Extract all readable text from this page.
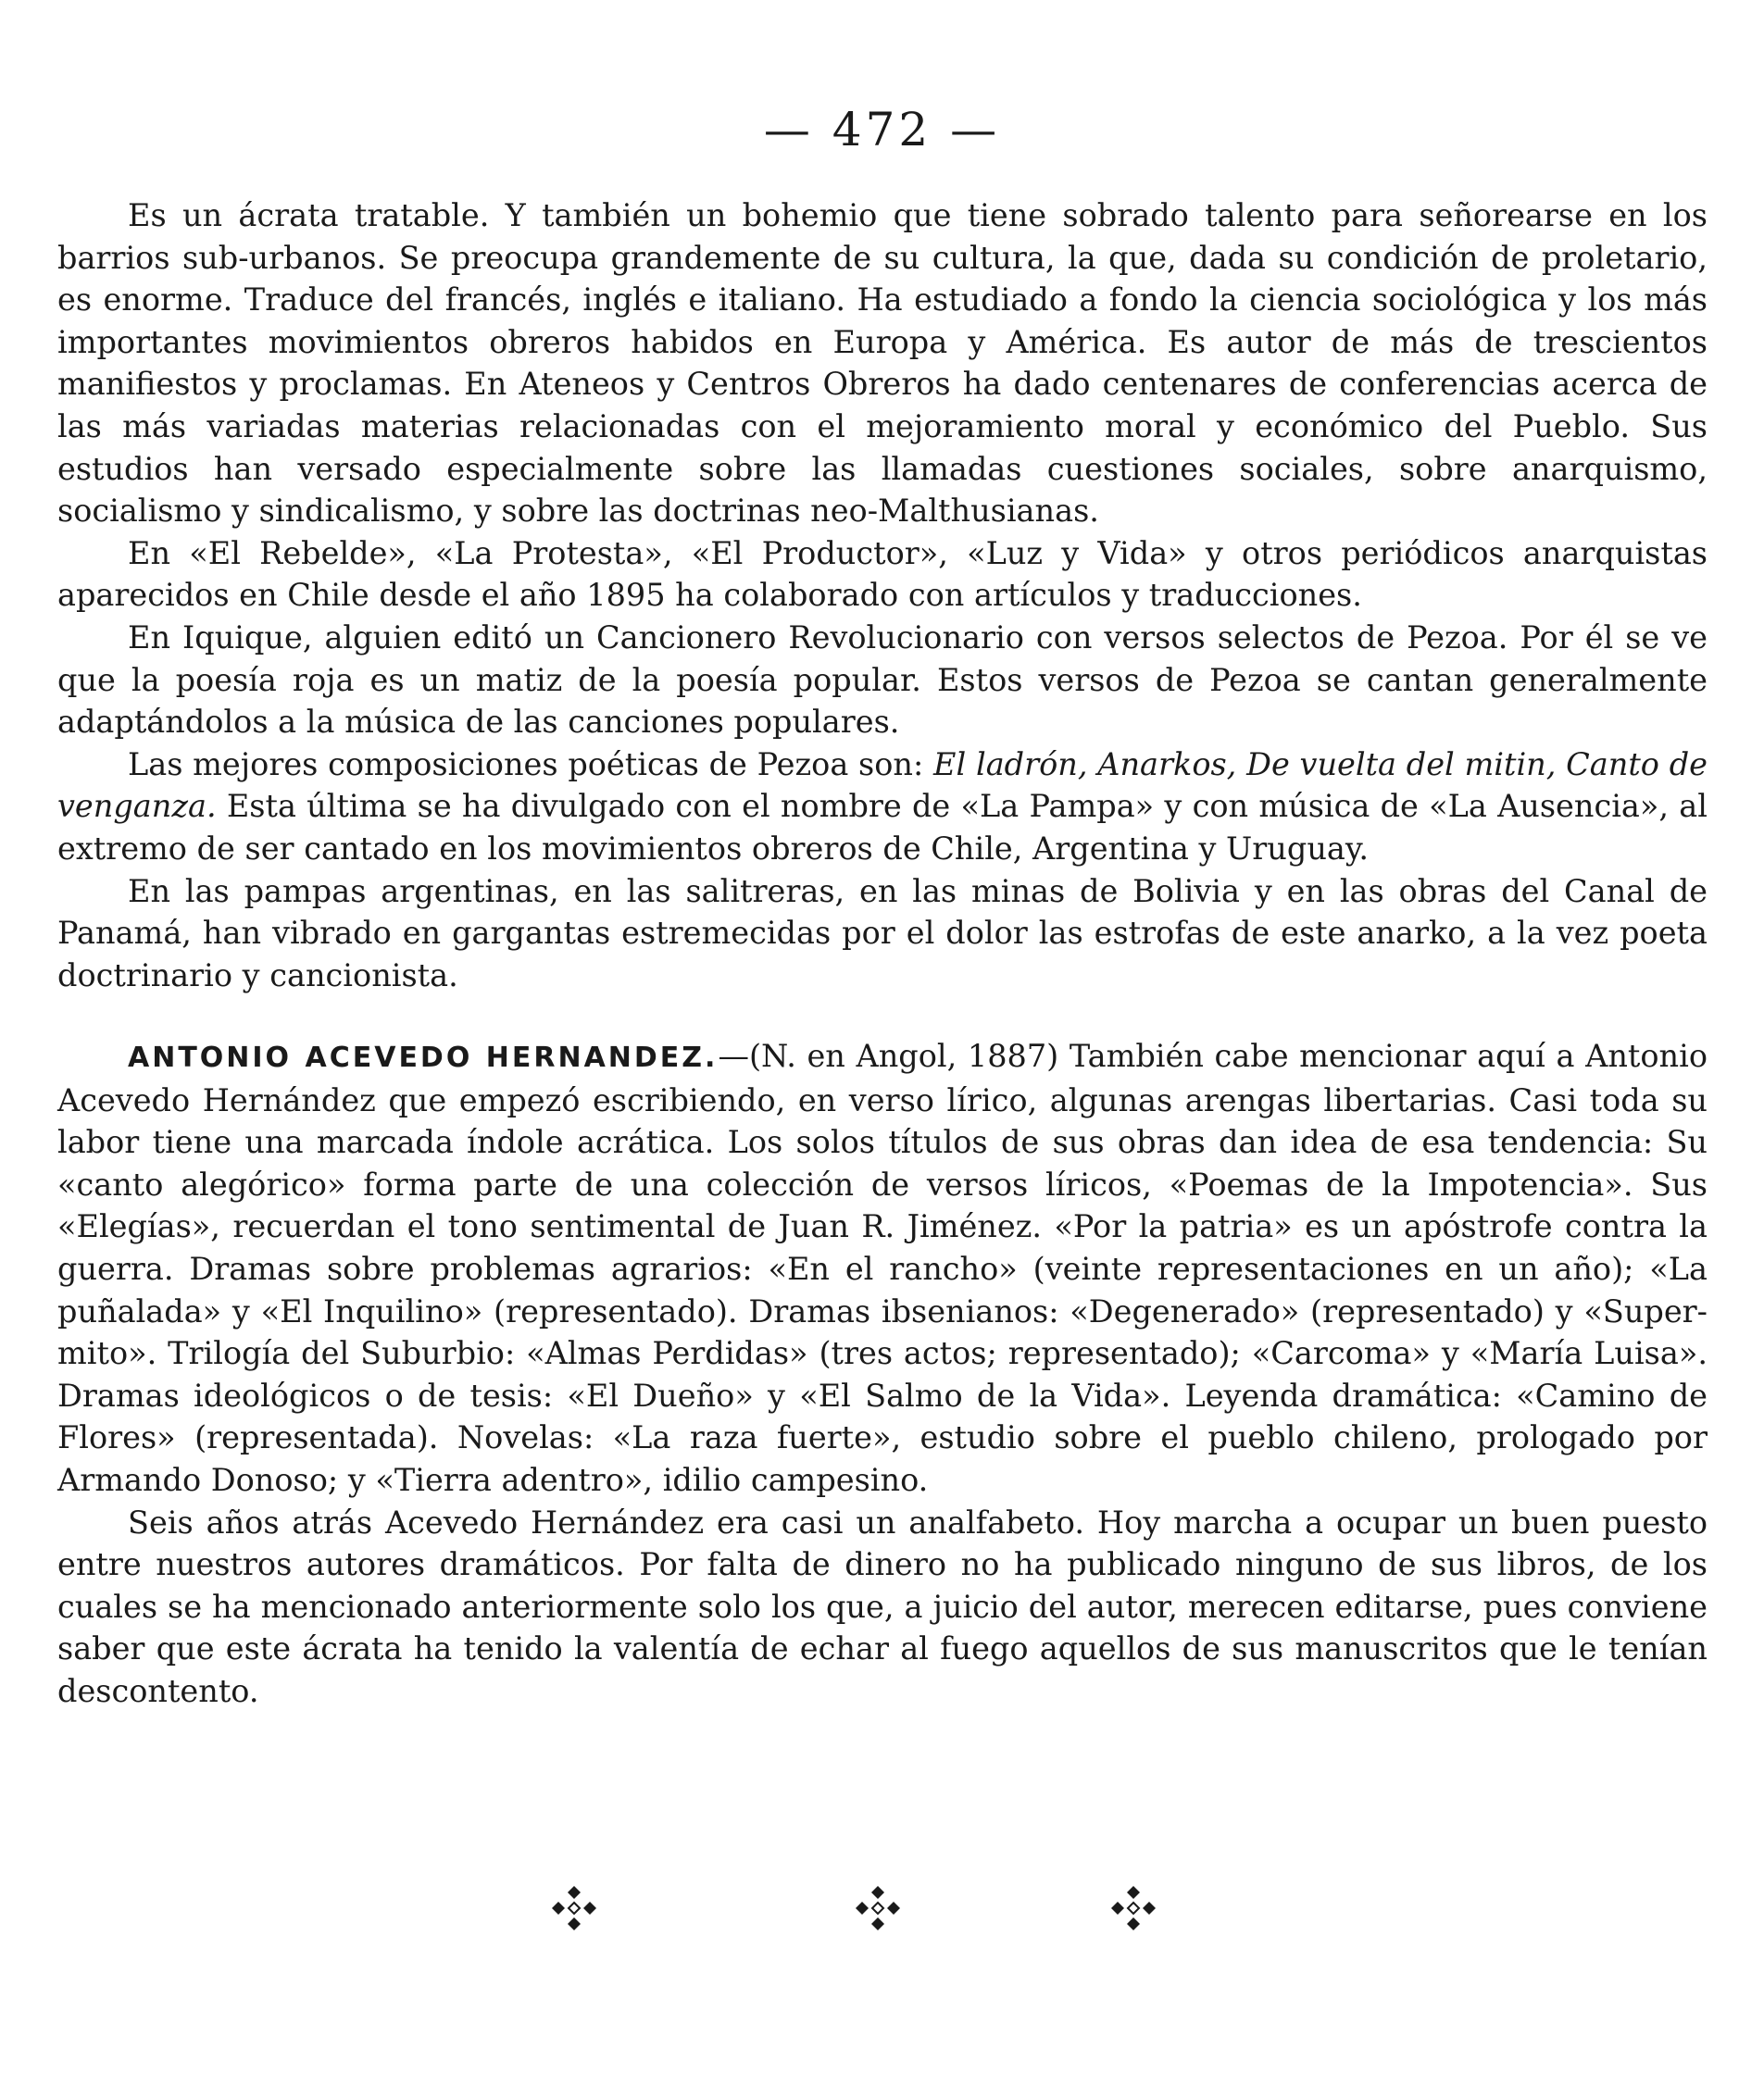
— 472 —

Es un ácrata tratable. Y también un bohemio que tiene sobrado talento para señorearse en los barrios sub-urbanos. Se preocupa grandemente de su cultura, la que, dada su condición de proletario, es enorme. Traduce del francés, inglés e italiano. Ha estudiado a fondo la ciencia sociológica y los más importantes movimientos obreros habidos en Europa y América. Es autor de más de trescientos manifiestos y proclamas. En Ateneos y Centros Obreros ha dado centenares de conferencias acerca de las más variadas materias relacionadas con el mejoramiento moral y económico del Pueblo. Sus estudios han versado especialmente sobre las llamadas cuestiones sociales, sobre anarquismo, socialismo y sindicalismo, y sobre las doctrinas neo-Malthusianas.

En «El Rebelde», «La Protesta», «El Productor», «Luz y Vida» y otros periódicos anarquistas aparecidos en Chile desde el año 1895 ha colaborado con artículos y traducciones.

En Iquique, alguien editó un Cancionero Revolucionario con versos selectos de Pezoa. Por él se ve que la poesía roja es un matiz de la poesía popular. Estos versos de Pezoa se cantan generalmente adaptándolos a la música de las canciones populares.

Las mejores composiciones poéticas de Pezoa son: El ladrón, Anarkos, De vuelta del mitin, Canto de venganza. Esta última se ha divulgado con el nombre de «La Pampa» y con música de «La Ausencia», al extremo de ser cantado en los movimientos obreros de Chile, Argentina y Uruguay.

En las pampas argentinas, en las salitreras, en las minas de Bolivia y en las obras del Canal de Panamá, han vibrado en gargantas estremecidas por el dolor las estrofas de este anarko, a la vez poeta doctrinario y cancionista.

ANTONIO ACEVEDO HERNANDEZ.—(N. en Angol, 1887) También cabe mencionar aquí a Antonio Acevedo Hernández que empezó escribiendo, en verso lírico, algunas arengas libertarias. Casi toda su labor tiene una marcada índole acrática. Los solos títulos de sus obras dan idea de esa tendencia: Su «canto alegórico» forma parte de una colección de versos líricos, «Poemas de la Impotencia». Sus «Elegías», recuerdan el tono sentimental de Juan R. Jiménez. «Por la patria» es un apóstrofe contra la guerra. Dramas sobre problemas agrarios: «En el rancho» (veinte representaciones en un año); «La puñalada» y «El Inquilino» (representado). Dramas ibsenianos: «Degenerado» (representado) y «Super-mito». Trilogía del Suburbio: «Almas Perdidas» (tres actos; representado); «Carcoma» y «María Luisa». Dramas ideológicos o de tesis: «El Dueño» y «El Salmo de la Vida». Leyenda dramática: «Camino de Flores» (representada). Novelas: «La raza fuerte», estudio sobre el pueblo chileno, prologado por Armando Donoso; y «Tierra adentro», idilio campesino.

Seis años atrás Acevedo Hernández era casi un analfabeto. Hoy marcha a ocupar un buen puesto entre nuestros autores dramáticos. Por falta de dinero no ha publicado ninguno de sus libros, de los cuales se ha mencionado anteriormente solo los que, a juicio del autor, merecen editarse, pues conviene saber que este ácrata ha tenido la valentía de echar al fuego aquellos de sus manuscritos que le tenían descontento.
